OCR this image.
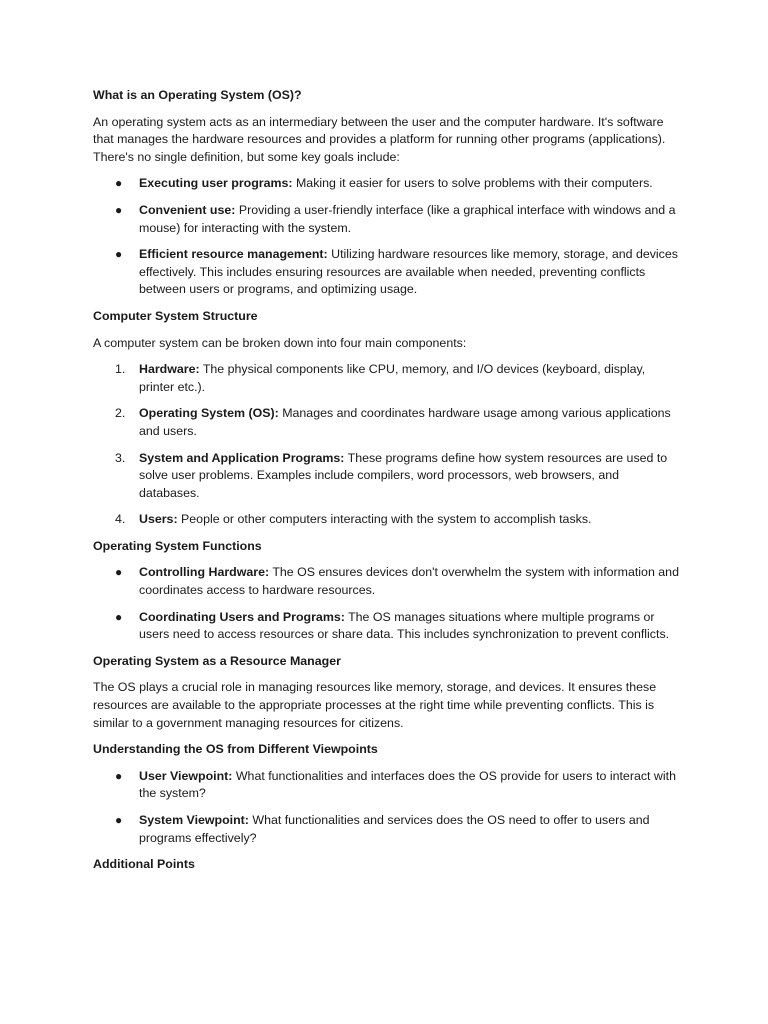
What is an Operating System (OS)?
An operating system acts as an intermediary between the user and the computer hardware. It's software that manages the hardware resources and provides a platform for running other programs (applications). There's no single definition, but some key goals include:
● Executing user programs: Making it easier for users to solve problems with their computers.
● Convenient use: Providing a user-friendly interface (like a graphical interface with windows and a mouse) for interacting with the system.
● Efficient resource management: Utilizing hardware resources like memory, storage, and devices effectively. This includes ensuring resources are available when needed, preventing conflicts between users or programs, and optimizing usage.
Computer System Structure
A computer system can be broken down into four main components:
1. Hardware: The physical components like CPU, memory, and I/O devices (keyboard, display, printer etc.).
2. Operating System (OS): Manages and coordinates hardware usage among various applications and users.
3. System and Application Programs: These programs define how system resources are used to solve user problems. Examples include compilers, word processors, web browsers, and databases.
4. Users: People or other computers interacting with the system to accomplish tasks.
Operating System Functions
● Controlling Hardware: The OS ensures devices don't overwhelm the system with information and coordinates access to hardware resources.
● Coordinating Users and Programs: The OS manages situations where multiple programs or users need to access resources or share data. This includes synchronization to prevent conflicts.
Operating System as a Resource Manager
The OS plays a crucial role in managing resources like memory, storage, and devices. It ensures these resources are available to the appropriate processes at the right time while preventing conflicts. This is similar to a government managing resources for citizens.
Understanding the OS from Different Viewpoints
● User Viewpoint: What functionalities and interfaces does the OS provide for users to interact with the system?
● System Viewpoint: What functionalities and services does the OS need to offer to users and programs effectively?
Additional Points
